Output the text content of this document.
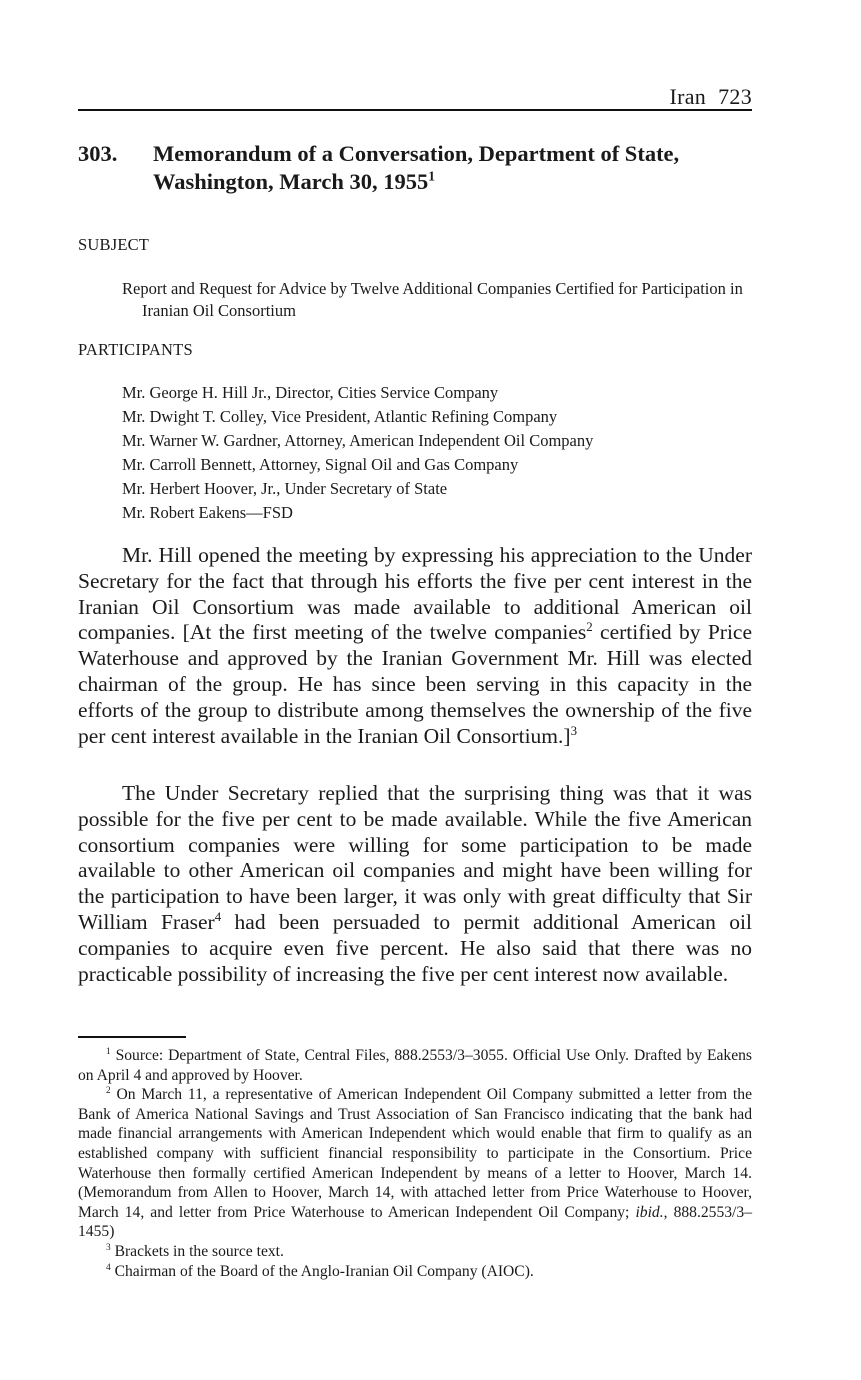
Iran 723
303. Memorandum of a Conversation, Department of State,
Washington, March 30, 1955$^1$
SUBJECT
Report and Request for Advice by Twelve Additional Companies Certified for Participation in Iranian Oil Consortium
PARTICIPANTS
Mr. George H. Hill Jr., Director, Cities Service Company
Mr. Dwight T. Colley, Vice President, Atlantic Refining Company
Mr. Warner W. Gardner, Attorney, American Independent Oil Company
Mr. Carroll Bennett, Attorney, Signal Oil and Gas Company
Mr. Herbert Hoover, Jr., Under Secretary of State
Mr. Robert Eakens—FSD

Mr. Hill opened the meeting by expressing his appreciation to the Under Secretary for the fact that through his efforts the five per cent interest in the Iranian Oil Consortium was made available to additional American oil companies. [At the first meeting of the twelve companies$^2$ certified by Price Waterhouse and approved by the Iranian Government Mr. Hill was elected chairman of the group. He has since been serving in this capacity in the efforts of the group to distribute among themselves the ownership of the five per cent interest available in the Iranian Oil Consortium.]$^3$

The Under Secretary replied that the surprising thing was that it was possible for the five per cent to be made available. While the five American consortium companies were willing for some participation to be made available to other American oil companies and might have been willing for the participation to have been larger, it was only with great difficulty that Sir William Fraser$^4$ had been persuaded to permit additional American oil companies to acquire even five percent. He also said that there was no practicable possibility of increasing the five per cent interest now available.

$^1$ Source: Department of State, Central Files, 888.2553/3–3055. Official Use Only. Drafted by Eakens on April 4 and approved by Hoover.

$^2$ On March 11, a representative of American Independent Oil Company submitted a letter from the Bank of America National Savings and Trust Association of San Francisco indicating that the bank had made financial arrangements with American Independent which would enable that firm to qualify as an established company with sufficient financial responsibility to participate in the Consortium. Price Waterhouse then formally certified American Independent by means of a letter to Hoover, March 14. (Memorandum from Allen to Hoover, March 14, with attached letter from Price Waterhouse to Hoover, March 14, and letter from Price Waterhouse to American Independent Oil Company; ibid., 888.2553/3–1455)

$^3$ Brackets in the source text.

$^4$ Chairman of the Board of the Anglo-Iranian Oil Company (AIOC).
